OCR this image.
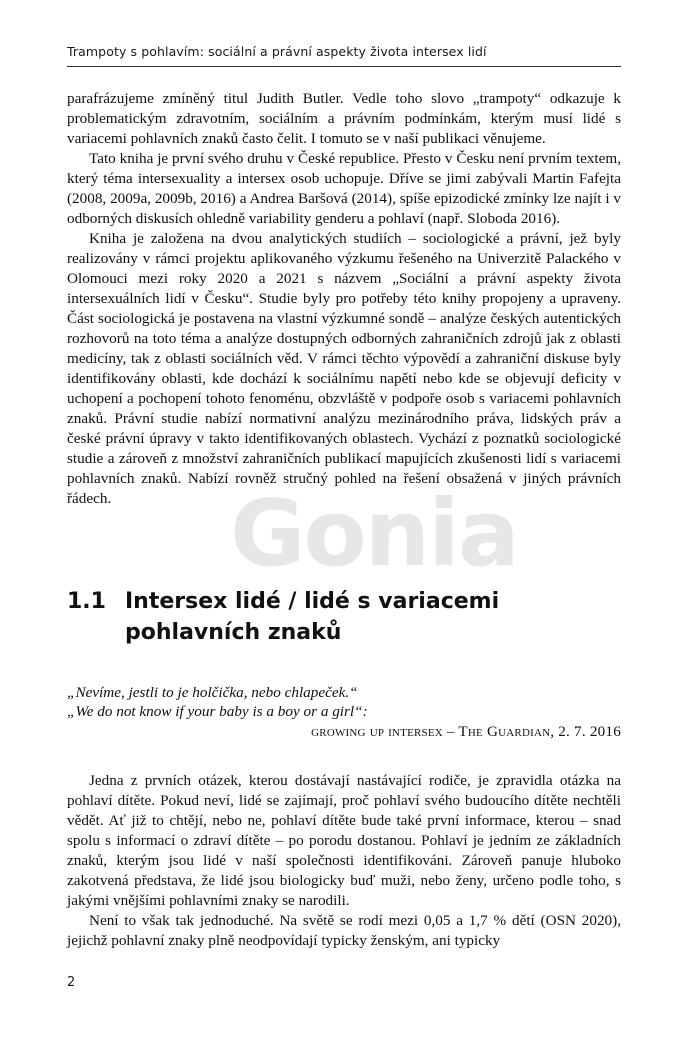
Trampoty s pohlavím: sociální a právní aspekty života intersex lidí

parafrázujeme zmíněný titul Judith Butler. Vedle toho slovo „trampoty“ odkazuje k problematickým zdravotním, sociálním a právním podmínkám, kterým musí lidé s variacemi pohlavních znaků často čelit. I tomuto se v naší publikaci věnujeme.

Tato kniha je první svého druhu v České republice. Přesto v Česku není prvním textem, který téma intersexuality a intersex osob uchopuje. Dříve se jimi zabývali Martin Fafejta (2008, 2009a, 2009b, 2016) a Andrea Baršová (2014), spíše epizodické zmínky lze najít i v odborných diskusích ohledně variability genderu a pohlaví (např. Sloboda 2016).

Kniha je založena na dvou analytických studiích – sociologické a právní, jež byly realizovány v rámci projektu aplikovaného výzkumu řešeného na Univerzitě Palackého v Olomouci mezi roky 2020 a 2021 s názvem „Sociální a právní aspekty života intersexuálních lidí v Česku“. Studie byly pro potřeby této knihy propojeny a upraveny. Část sociologická je postavena na vlastní výzkumné sondě – analýze českých autentických rozhovorů na toto téma a analýze dostupných odborných zahraničních zdrojů jak z oblasti medicíny, tak z oblasti sociálních věd. V rámci těchto výpovědí a zahraniční diskuse byly identifikovány oblasti, kde dochází k sociálnímu napětí nebo kde se objevují deficity v uchopení a pochopení tohoto fenoménu, obzvláště v podpoře osob s variacemi pohlavních znaků. Právní studie nabízí normativní analýzu mezinárodního práva, lidských práv a české právní úpravy v takto identifikovaných oblastech. Vychází z poznatků sociologické studie a zároveň z množství zahraničních publikací mapujících zkušenosti lidí s variacemi pohlavních znaků. Nabízí rovněž stručný pohled na řešení obsažená v jiných právních řádech.	Gonia
1.1 Intersex lidé / lidé s variacemi pohlavních znaků
„Nevíme, jestli to je holčička, nebo chlapeček.“
„We do not know if your baby is a boy or a girl“:
growing up intersex – The Guardian, 2. 7. 2016

Jedna z prvních otázek, kterou dostávají nastávající rodiče, je zpravidla otázka na pohlaví dítěte. Pokud neví, lidé se zajímají, proč pohlaví svého budoucího dítěte nechtěli vědět. Ať již to chtějí, nebo ne, pohlaví dítěte bude také první informace, kterou – snad spolu s informací o zdraví dítěte – po porodu dostanou. Pohlaví je jedním ze základních znaků, kterým jsou lidé v naší společnosti identifikováni. Zároveň panuje hluboko zakotvená představa, že lidé jsou biologicky buď muži, nebo ženy, určeno podle toho, s jakými vnějšími pohlavními znaky se narodili.

Není to však tak jednoduché. Na světě se rodí mezi 0,05 a 1,7 % dětí (OSN 2020), jejichž pohlavní znaky plně neodpovídají typicky ženským, ani typicky

2
